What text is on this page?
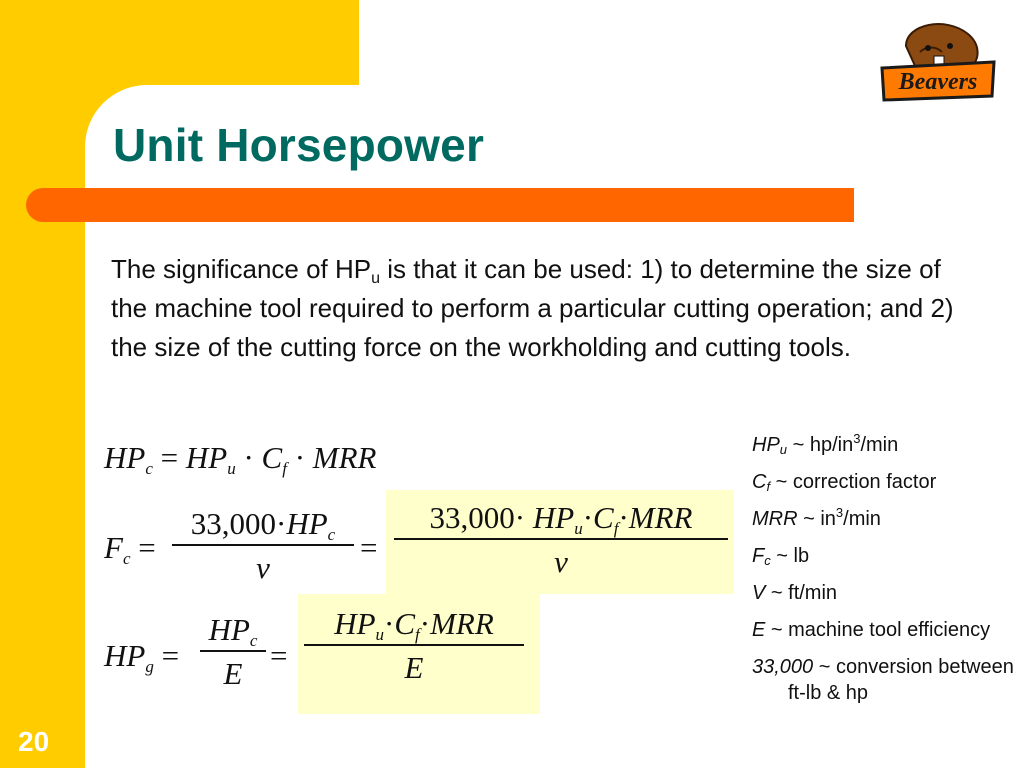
Beavers
Unit Horsepower

The significance of $HP_u$ is that it can be used: 1) to determine the size of the machine tool required to perform a particular cutting operation; and 2) the size of the cutting force on the workholding and cutting tools.

$HP_c = HP_u \cdot C_f$ · MRR
$F_c$ =
$33,000\cdot HP_c$
v
=
$33,000\cdot HP_u\cdot C_f\cdot MRR$
v
$HP_g$ =
$HP_c$
E =
$HP_u\cdot C_f\cdot MRR$
E
$HP_u$ ~ $hp/in^3/\min$
$C_f$ ~ correction factor
MRR ~ $in^3/\min$
$F_c$ ~ lb
V ~ ft/min
E ~ machine tool efficiency
33,000 ~ conversion between ft-lb & hp
20
